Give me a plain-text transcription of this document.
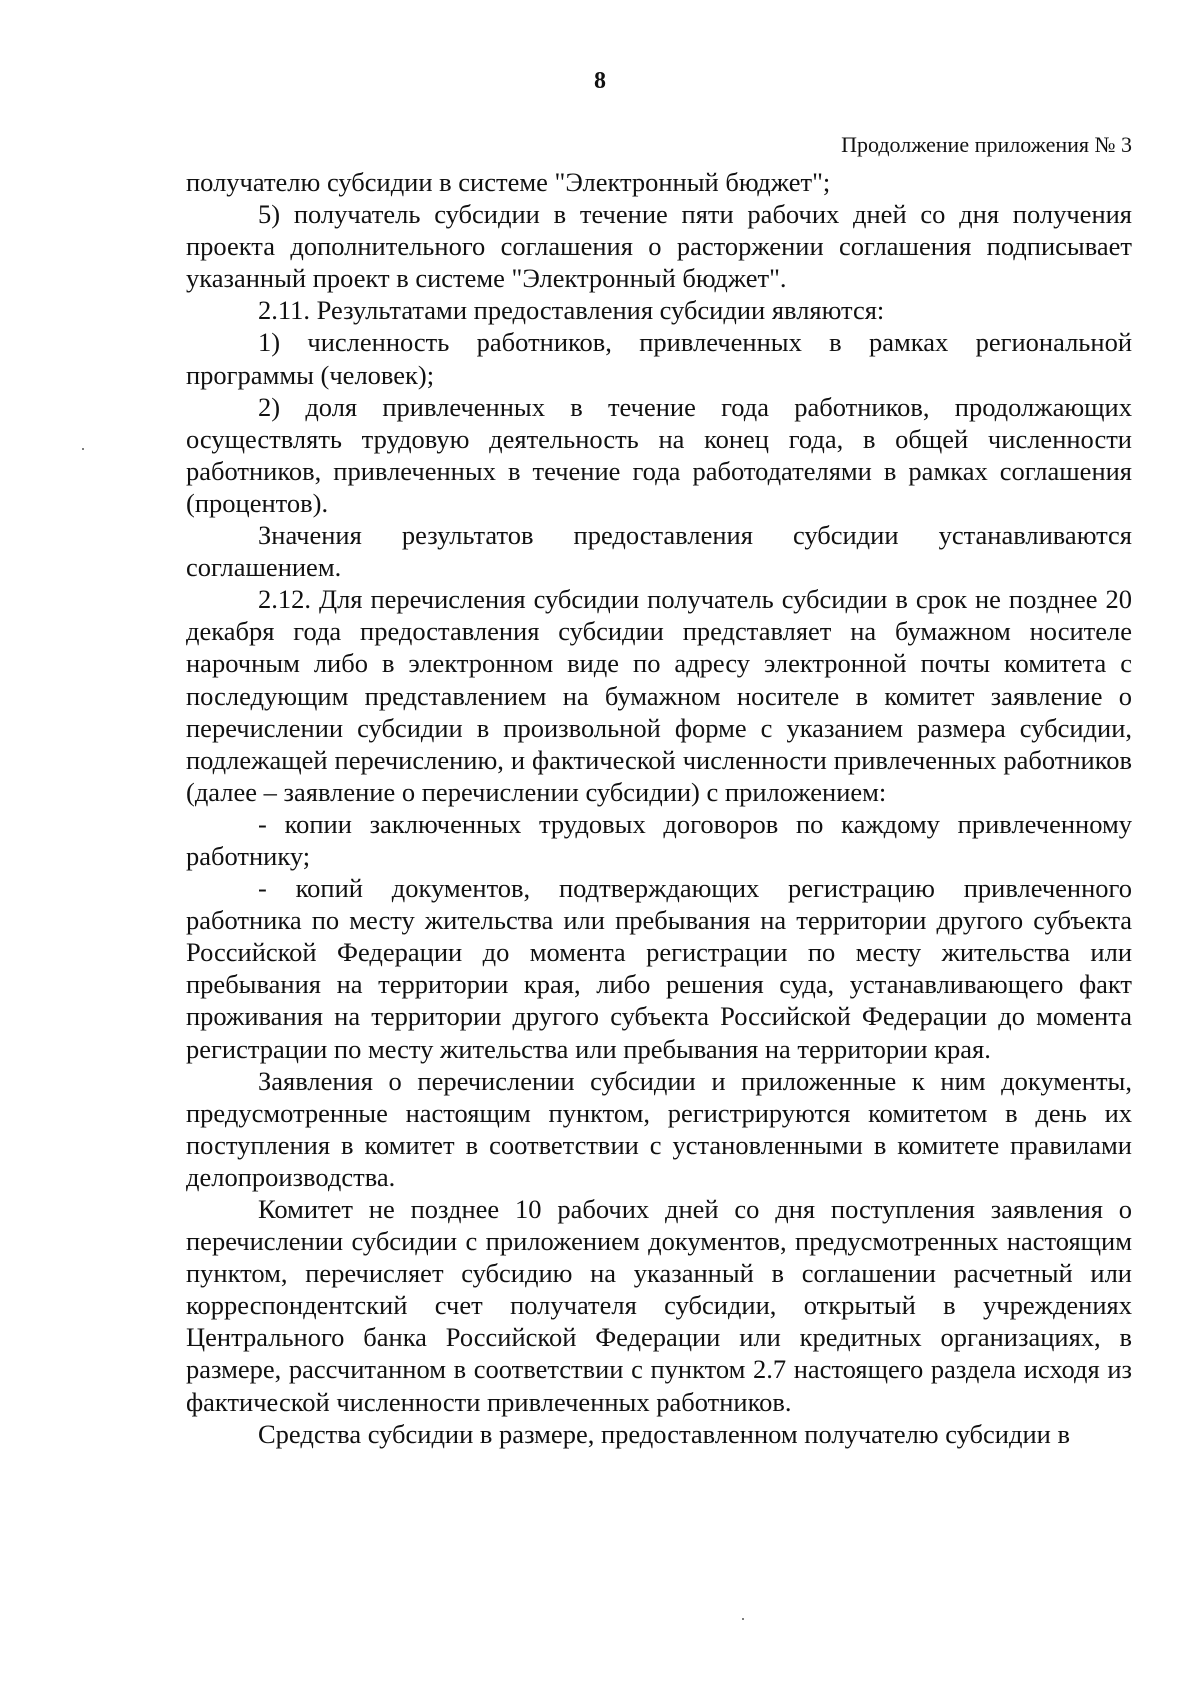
8
Продолжение приложения № 3

получателю субсидии в системе "Электронный бюджет";

5) получатель субсидии в течение пяти рабочих дней со дня получения проекта дополнительного соглашения о расторжении соглашения подписывает указанный проект в системе "Электронный бюджет".

2.11. Результатами предоставления субсидии являются:

1) численность работников, привлеченных в рамках региональной программы (человек);

2) доля привлеченных в течение года работников, продолжающих осуществлять трудовую деятельность на конец года, в общей численности работников, привлеченных в течение года работодателями в рамках соглашения (процентов).

Значения результатов предоставления субсидии устанавливаются соглашением.

2.12. Для перечисления субсидии получатель субсидии в срок не позднее 20 декабря года предоставления субсидии представляет на бумажном носителе нарочным либо в электронном виде по адресу электронной почты комитета с последующим представлением на бумажном носителе в комитет заявление о перечислении субсидии в произвольной форме с указанием размера субсидии, подлежащей перечислению, и фактической численности привлеченных работников (далее – заявление о перечислении субсидии) с приложением:

- копии заключенных трудовых договоров по каждому привлеченному работнику;

- копий документов, подтверждающих регистрацию привлеченного работника по месту жительства или пребывания на территории другого субъекта Российской Федерации до момента регистрации по месту жительства или пребывания на территории края, либо решения суда, устанавливающего факт проживания на территории другого субъекта Российской Федерации до момента регистрации по месту жительства или пребывания на территории края.

Заявления о перечислении субсидии и приложенные к ним документы, предусмотренные настоящим пунктом, регистрируются комитетом в день их поступления в комитет в соответствии с установленными в комитете правилами делопроизводства.

Комитет не позднее 10 рабочих дней со дня поступления заявления о перечислении субсидии с приложением документов, предусмотренных настоящим пунктом, перечисляет субсидию на указанный в соглашении расчетный или корреспондентский счет получателя субсидии, открытый в учреждениях Центрального банка Российской Федерации или кредитных организациях, в размере, рассчитанном в соответствии с пунктом 2.7 настоящего раздела исходя из фактической численности привлеченных работников.

Средства субсидии в размере, предоставленном получателю субсидии в
